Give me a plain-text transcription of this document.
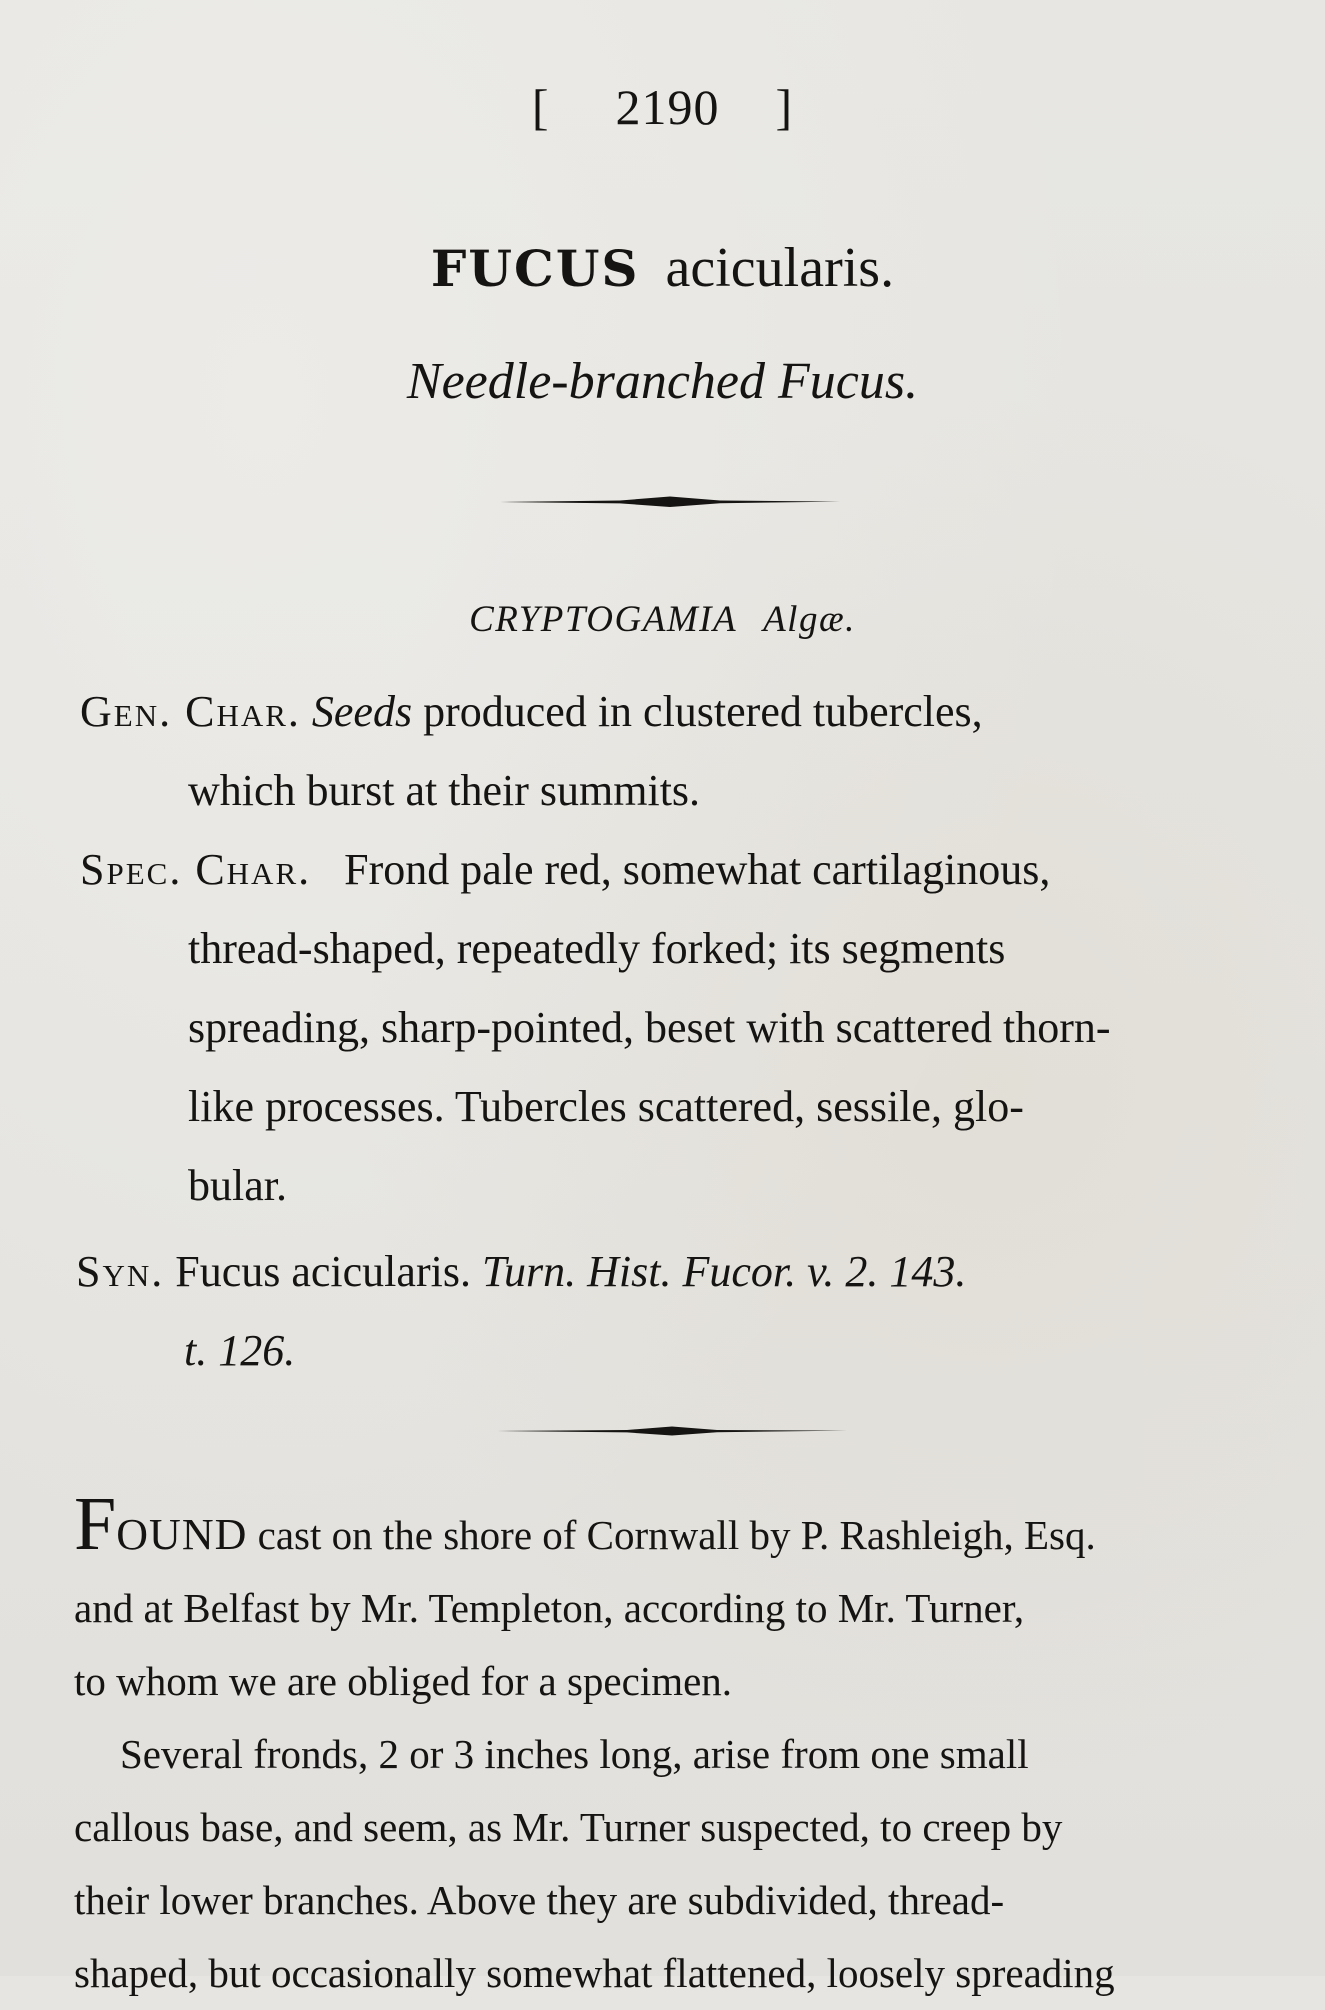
[ 2190 ]
FUCUS acicularis.
Needle-branched Fucus.
CRYPTOGAMIA Algæ.
Gen. Char. Seeds produced in clustered tubercles,
which burst at their summits.
Spec. Char. Frond pale red, somewhat cartilaginous,
thread-shaped, repeatedly forked; its segments
spreading, sharp-pointed, beset with scattered thorn-
like processes. Tubercles scattered, sessile, glo-
bular.
Syn. Fucus acicularis. Turn. Hist. Fucor. v. 2. 143.
t. 126.
FOUND cast on the shore of Cornwall by P. Rashleigh, Esq.
and at Belfast by Mr. Templeton, according to Mr. Turner,
to whom we are obliged for a specimen.
Several fronds, 2 or 3 inches long, arise from one small
callous base, and seem, as Mr. Turner suspected, to creep by
their lower branches. Above they are subdivided, thread-
shaped, but occasionally somewhat flattened, loosely spreading
